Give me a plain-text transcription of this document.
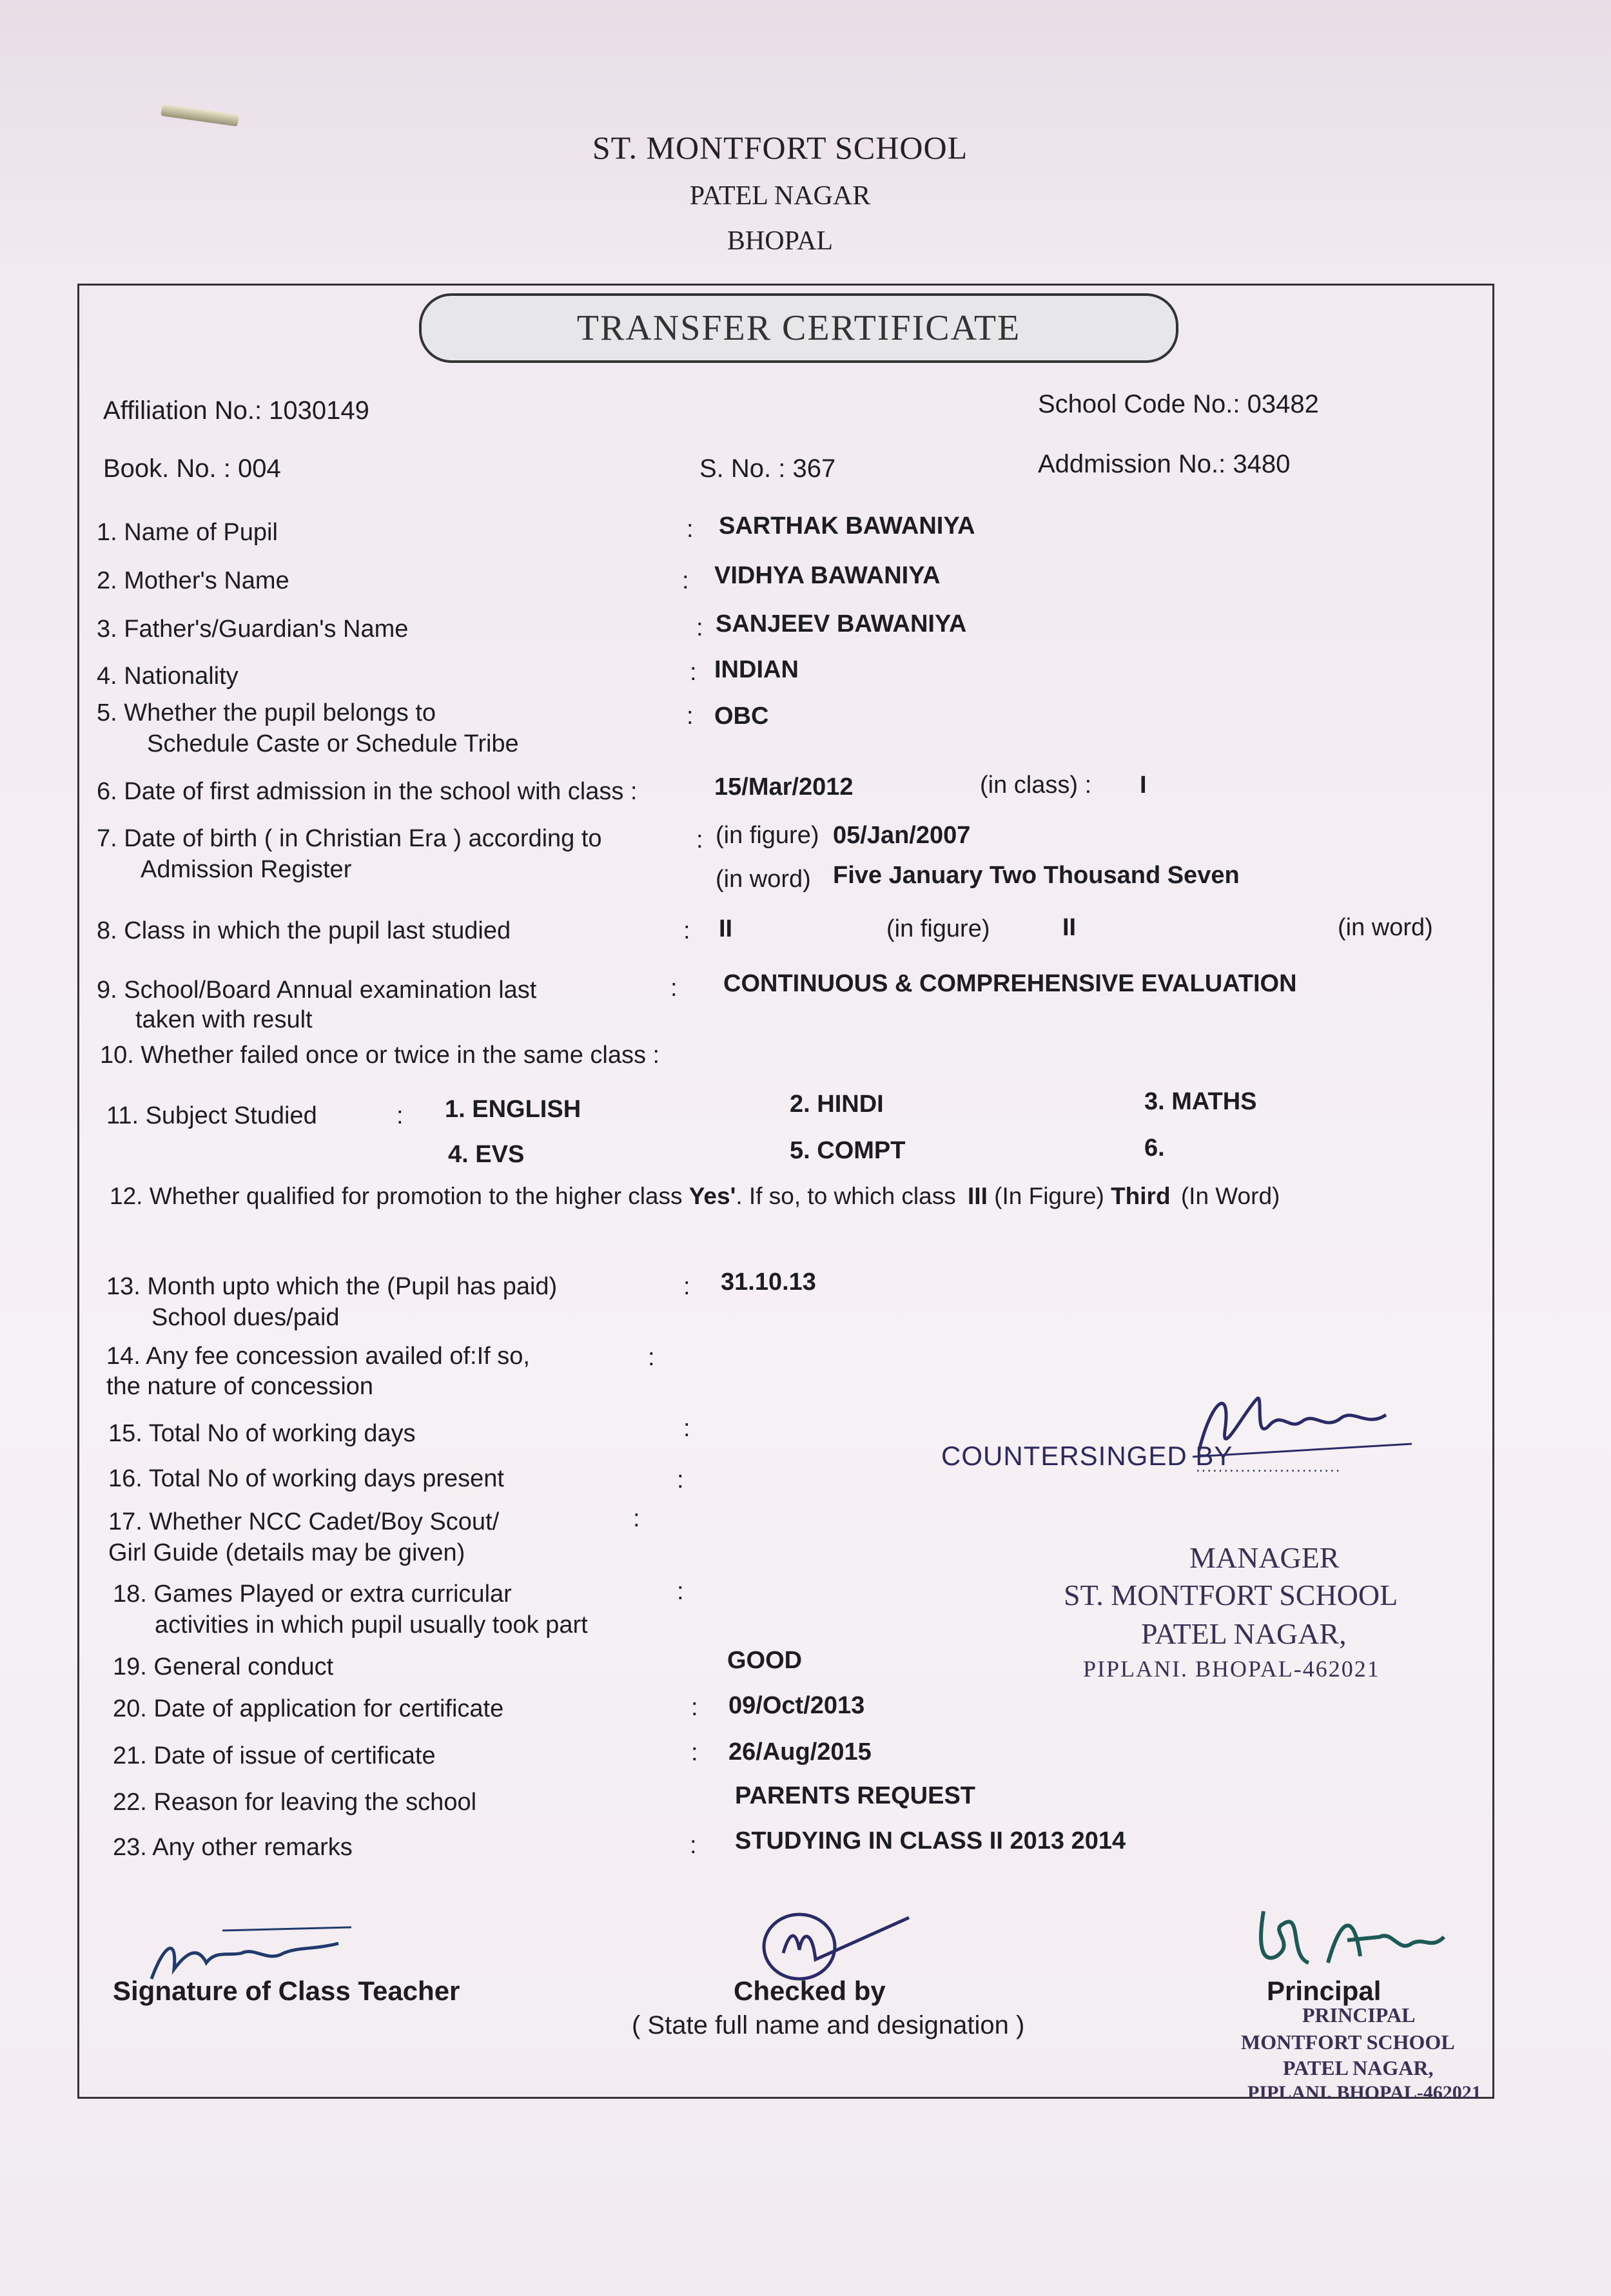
ST. MONTFORT SCHOOL
PATEL NAGAR
BHOPAL
TRANSFER CERTIFICATE
Affiliation No.: 1030149	School Code No.: 03482
Book. No. : 004	S. No. : 367	Addmission No.: 3480
1. Name of Pupil	: SARTHAK BAWANIYA
2. Mother's Name	: VIDHYA BAWANIYA
3. Father's/Guardian's Name	: SANJEEV BAWANIYA
4. Nationality	: INDIAN
5. Whether the pupil belongs to
Schedule Caste or Schedule Tribe
: OBC
6. Date of first admission in the school with class :	15/Mar/2012	(in class) : I
7. Date of birth ( in Christian Era ) according to
Admission Register
: (in figure) 05/Jan/2007
(in word) Five January Two Thousand Seven
8. Class in which the pupil last studied	: II	(in figure)	II	(in word)
9. School/Board Annual examination last
taken with result
: CONTINUOUS & COMPREHENSIVE EVALUATION
10. Whether failed once or twice in the same class :
11. Subject Studied	: 1. ENGLISH	2. HINDI	3. MATHS
4. EVS	5. COMPT	6.
12. Whether qualified for promotion to the higher class Yes'. If so, to which class III (In Figure) Third (In Word)
13. Month upto which the (Pupil has paid)
School dues/paid
: 31.10.13
14. Any fee concession availed of:If so,
the nature of concession
:
15. Total No of working days	:
16. Total No of working days present	:
17. Whether NCC Cadet/Boy Scout/
Girl Guide (details may be given)
:
18. Games Played or extra curricular
activities in which pupil usually took part
:
19. General conduct	GOOD
20. Date of application for certificate	: 09/Oct/2013
21. Date of issue of certificate	: 26/Aug/2015
22. Reason for leaving the school	PARENTS REQUEST
23. Any other remarks	: STUDYING IN CLASS II 2013 2014
COUNTERSINGED BY
..........................
MANAGER
ST. MONTFORT SCHOOL
PATEL NAGAR,
PIPLANI. BHOPAL-462021
Signature of Class Teacher	Checked by
( State full name and designation )
Principal
PRINCIPAL
MONTFORT SCHOOL
PATEL NAGAR,
PIPLANI. BHOPAL-462021
